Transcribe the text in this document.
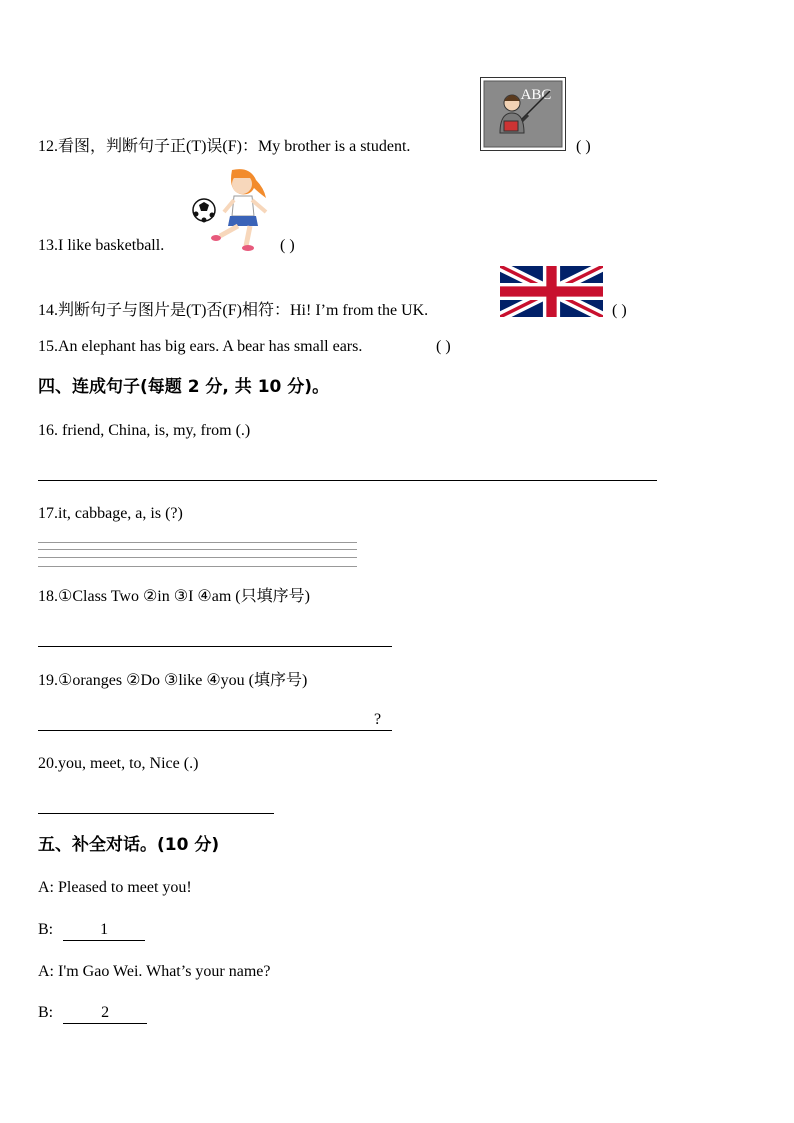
12.看图，判断句子正(T)误(F)：My brother is a student.
ABC
( )
13.I like basketball.	( )
14.判断句子与图片是(T)否(F)相符：Hi! I’m from the UK.	( )
15.An elephant has big ears. A bear has small ears.	( )
四、连成句子(每题 2 分, 共 10 分)。
16. friend, China, is, my, from (.)
17.it, cabbage, a, is (?)
18.①Class Two ②in ③I ④am (只填序号)
19.①oranges ②Do ③like ④you (填序号)
?
20.you, meet, to, Nice (.)
五、补全对话。(10 分)
A: Pleased to meet you!
B:	1
A: I'm Gao Wei. What’s your name?
B:	2
